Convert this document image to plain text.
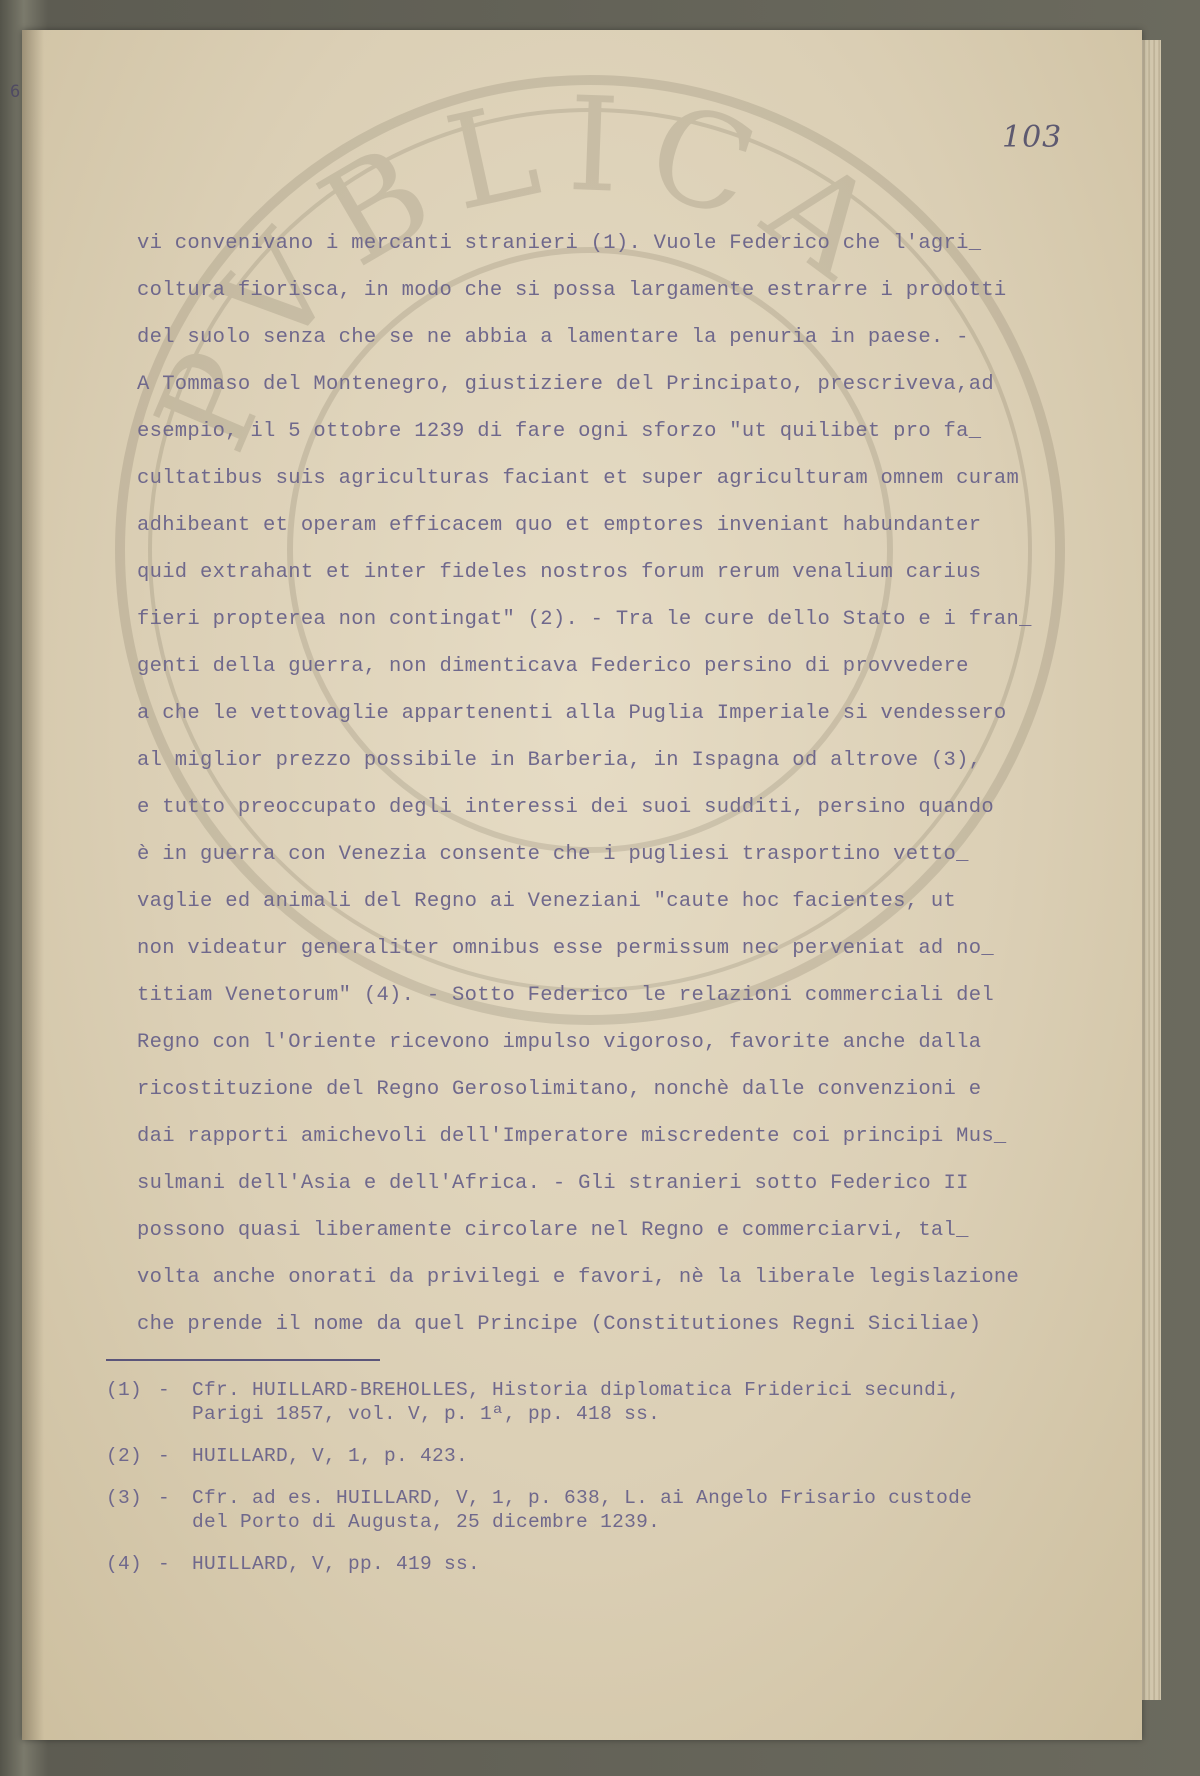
6
103
vi convenivano i mercanti stranieri (1). Vuole Federico che l'agri_
coltura fiorisca, in modo che si possa largamente estrarre i prodotti
del suolo senza che se ne abbia a lamentare la penuria in paese. -
A Tommaso del Montenegro, giustiziere del Principato, prescriveva,ad
esempio, il 5 ottobre 1239 di fare ogni sforzo "ut quilibet pro fa_
cultatibus suis agriculturas faciant et super agriculturam omnem curam
adhibeant et operam efficacem quo et emptores inveniant habundanter
quid extrahant et inter fideles nostros forum rerum venalium carius
fieri propterea non contingat" (2). - Tra le cure dello Stato e i fran_
genti della guerra, non dimenticava Federico persino di provvedere
a che le vettovaglie appartenenti alla Puglia Imperiale si vendessero
al miglior prezzo possibile in Barberia, in Ispagna od altrove (3),
e tutto preoccupato degli interessi dei suoi sudditi, persino quando
è in guerra con Venezia consente che i pugliesi trasportino vetto_
vaglie ed animali del Regno ai Veneziani "caute hoc facientes, ut
non videatur generaliter omnibus esse permissum nec perveniat ad no_
titiam Venetorum" (4). - Sotto Federico le relazioni commerciali del
Regno con l'Oriente ricevono impulso vigoroso, favorite anche dalla
ricostituzione del Regno Gerosolimitano, nonchè dalle convenzioni e
dai rapporti amichevoli dell'Imperatore miscredente coi principi Mus_
sulmani dell'Asia e dell'Africa. - Gli stranieri sotto Federico II
possono quasi liberamente circolare nel Regno e commerciarvi, tal_
volta anche onorati da privilegi e favori, nè la liberale legislazione
che prende il nome da quel Principe (Constitutiones Regni Siciliae)
(1) -	Cfr. HUILLARD-BREHOLLES, Historia diplomatica Friderici secundi,
Parigi 1857, vol. V, p. 1ª, pp. 418 ss.
(2) -	HUILLARD, V, 1, p. 423.
(3) -	Cfr. ad es. HUILLARD, V, 1, p. 638, L. ai Angelo Frisario custode
del Porto di Augusta, 25 dicembre 1239.
(4) -	HUILLARD, V, pp. 419 ss.
